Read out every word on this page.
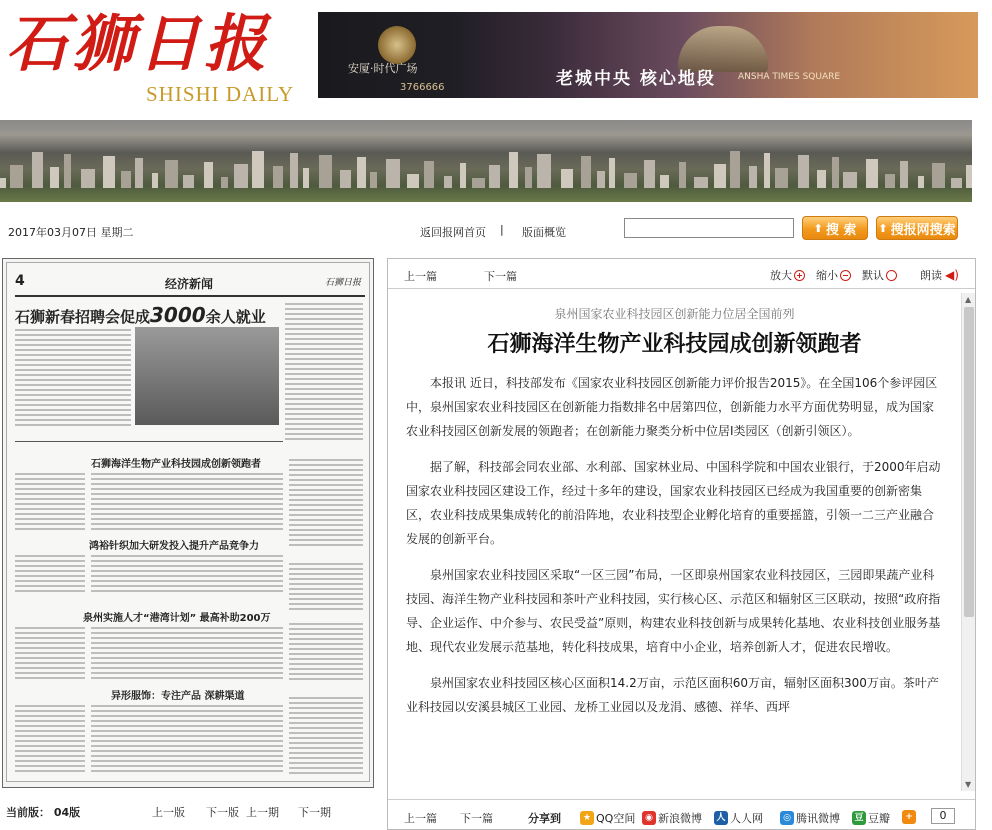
石狮日报
SHISHI DAILY
安厦·时代广场
3766666	老城中央 核心地段 ANSHA TIMES SQUARE
2017年03月07日 星期二	返回报网首页 | 版面概览	⬆ 搜 索 ⬆ 搜报网搜索
4	经济新闻	石狮日报
石狮新春招聘会促成3000余人就业
石狮海洋生物产业科技园成创新领跑者
鸿裕针织加大研发投入提升产品竞争力
泉州实施人才“港湾计划” 最高补助200万
异形服饰：专注产品 深耕渠道
当前版： 04版	上一版 下一版 上一期 下一期
上一篇	下一篇	放大 缩小 默认	朗读 ◀)
泉州国家农业科技园区创新能力位居全国前列
石狮海洋生物产业科技园成创新领跑者

本报讯 近日，科技部发布《国家农业科技园区创新能力评价报告2015》。在全国106个参评园区中，泉州国家农业科技园区在创新能力指数排名中居第四位，创新能力水平方面优势明显，成为国家农业科技园区创新发展的领跑者；在创新能力聚类分析中位居I类园区（创新引领区）。

据了解，科技部会同农业部、水利部、国家林业局、中国科学院和中国农业银行，于2000年启动国家农业科技园区建设工作，经过十多年的建设，国家农业科技园区已经成为我国重要的创新密集区，农业科技成果集成转化的前沿阵地，农业科技型企业孵化培育的重要摇篮，引领一二三产业融合发展的创新平台。

泉州国家农业科技园区采取“一区三园”布局，一区即泉州国家农业科技园区，三园即果蔬产业科技园、海洋生物产业科技园和茶叶产业科技园，实行核心区、示范区和辐射区三区联动，按照“政府指导、企业运作、中介参与、农民受益”原则，构建农业科技创新与成果转化基地、农业科技创业服务基地、现代农业发展示范基地，转化科技成果，培育中小企业，培养创新人才，促进农民增收。

泉州国家农业科技园区核心区面积14.2万亩，示范区面积60万亩，辐射区面积300万亩。茶叶产业科技园以安溪县城区工业园、龙桥工业园以及龙涓、感德、祥华、西坪

▲
▼
上一篇 下一篇	分享到	★ QQ空间	◉ 新浪微博 人 人人网	◎ 腾讯微博 豆 豆瓣	+	0
